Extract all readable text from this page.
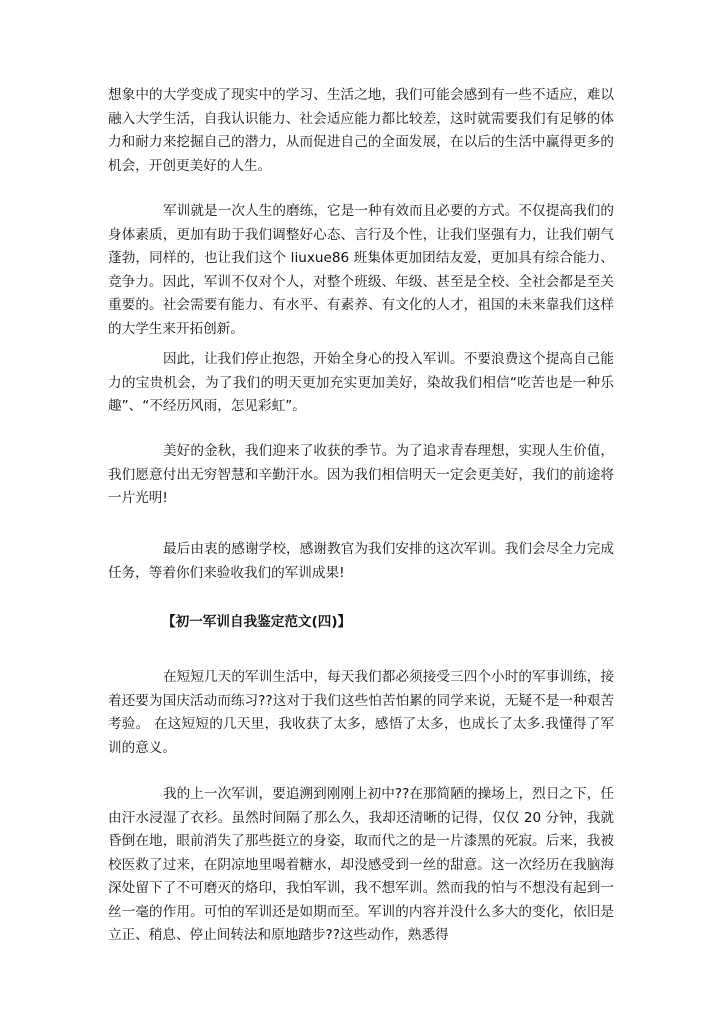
想象中的大学变成了现实中的学习、生活之地，我们可能会感到有一些不适应，难以融入大学生活，自我认识能力、社会适应能力都比较差，这时就需要我们有足够的体力和耐力来挖掘自己的潜力，从而促进自己的全面发展，在以后的生活中赢得更多的机会，开创更美好的人生。

军训就是一次人生的磨练，它是一种有效而且必要的方式。不仅提高我们的身体素质，更加有助于我们调整好心态、言行及个性，让我们坚强有力，让我们朝气蓬勃，同样的，也让我们这个 liuxue86 班集体更加团结友爱，更加具有综合能力、竞争力。因此，军训不仅对个人，对整个班级、年级、甚至是全校、全社会都是至关重要的。社会需要有能力、有水平、有素养、有文化的人才，祖国的未来靠我们这样的大学生来开拓创新。

因此，让我们停止抱怨，开始全身心的投入军训。不要浪费这个提高自己能力的宝贵机会，为了我们的明天更加充实更加美好，染故我们相信“吃苦也是一种乐趣”、“不经历风雨，怎见彩虹”。

美好的金秋，我们迎来了收获的季节。为了追求青春理想，实现人生价值，我们愿意付出无穷智慧和辛勤汗水。因为我们相信明天一定会更美好，我们的前途将一片光明!

最后由衷的感谢学校，感谢教官为我们安排的这次军训。我们会尽全力完成任务，等着你们来验收我们的军训成果!

【初一军训自我鉴定范文(四)】

在短短几天的军训生活中，每天我们都必须接受三四个小时的军事训练，接着还要为国庆活动而练习??这对于我们这些怕苦怕累的同学来说，无疑不是一种艰苦考验。 在这短短的几天里，我收获了太多，感悟了太多，也成长了太多.我懂得了军训的意义。

我的上一次军训，要追溯到刚刚上初中??在那简陋的操场上，烈日之下，任由汗水浸湿了衣衫。虽然时间隔了那么久，我却还清晰的记得，仅仅 20 分钟，我就昏倒在地，眼前消失了那些挺立的身姿，取而代之的是一片漆黑的死寂。后来，我被校医救了过来，在阴凉地里喝着糖水，却没感受到一丝的甜意。这一次经历在我脑海深处留下了不可磨灭的烙印，我怕军训，我不想军训。然而我的怕与不想没有起到一丝一毫的作用。可怕的军训还是如期而至。军训的内容并没什么多大的变化，依旧是立正、稍息、停止间转法和原地踏步??这些动作，熟悉得
